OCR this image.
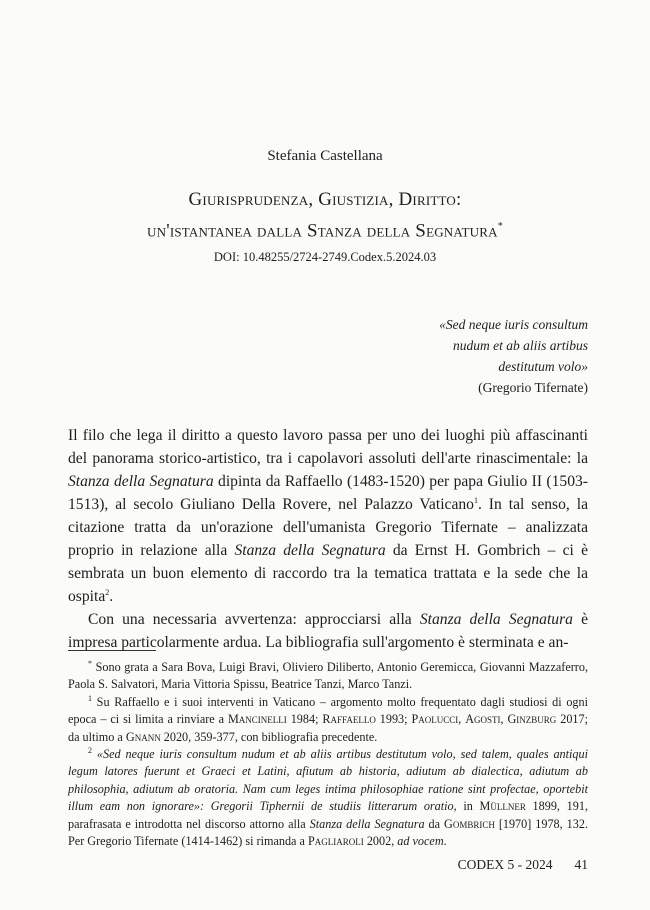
Stefania Castellana
Giurisprudenza, Giustizia, Diritto:
un'istantanea dalla Stanza della Segnatura*
DOI: 10.48255/2724-2749.Codex.5.2024.03
«Sed neque iuris consultum
nudum et ab aliis artibus
destitutum volo»
(Gregorio Tifernate)

Il filo che lega il diritto a questo lavoro passa per uno dei luoghi più affascinanti del panorama storico-artistico, tra i capolavori assoluti dell'arte rinascimentale: la Stanza della Segnatura dipinta da Raffaello (1483-1520) per papa Giulio II (1503-1513), al secolo Giuliano Della Rovere, nel Palazzo Vaticano$^1$. In tal senso, la citazione tratta da un'orazione dell'umanista Gregorio Tifernate – analizzata proprio in relazione alla Stanza della Segnatura da Ernst H. Gombrich – ci è sembrata un buon elemento di raccordo tra la tematica trattata e la sede che la ospita$^2$.

Con una necessaria avvertenza: approcciarsi alla Stanza della Segnatura è impresa particolarmente ardua. La bibliografia sull'argomento è sterminata e an-

* Sono grata a Sara Bova, Luigi Bravi, Oliviero Diliberto, Antonio Geremicca, Giovanni Mazzaferro, Paola S. Salvatori, Maria Vittoria Spissu, Beatrice Tanzi, Marco Tanzi.

$^1$ Su Raffaello e i suoi interventi in Vaticano – argomento molto frequentato dagli studiosi di ogni epoca – ci si limita a rinviare a Mancinelli 1984; Raffaello 1993; Paolucci, Agosti, Ginzburg 2017; da ultimo a Gnann 2020, 359-377, con bibliografia precedente.

$^2$ «Sed neque iuris consultum nudum et ab aliis artibus destitutum volo, sed talem, quales antiqui legum latores fuerunt et Graeci et Latini, afiutum ab historia, adiutum ab dialectica, adiutum ab philosophia, adiutum ab oratoria. Nam cum leges intima philosophiae ratione sint profectae, oportebit illum eam non ignorare»: Gregorii Tiphernii de studiis litterarum oratio, in Müllner 1899, 191, parafrasata e introdotta nel discorso attorno alla Stanza della Segnatura da Gombrich [1970] 1978, 132. Per Gregorio Tifernate (1414-1462) si rimanda a Pagliaroli 2002, ad vocem.

CODEX 5 - 2024 41
